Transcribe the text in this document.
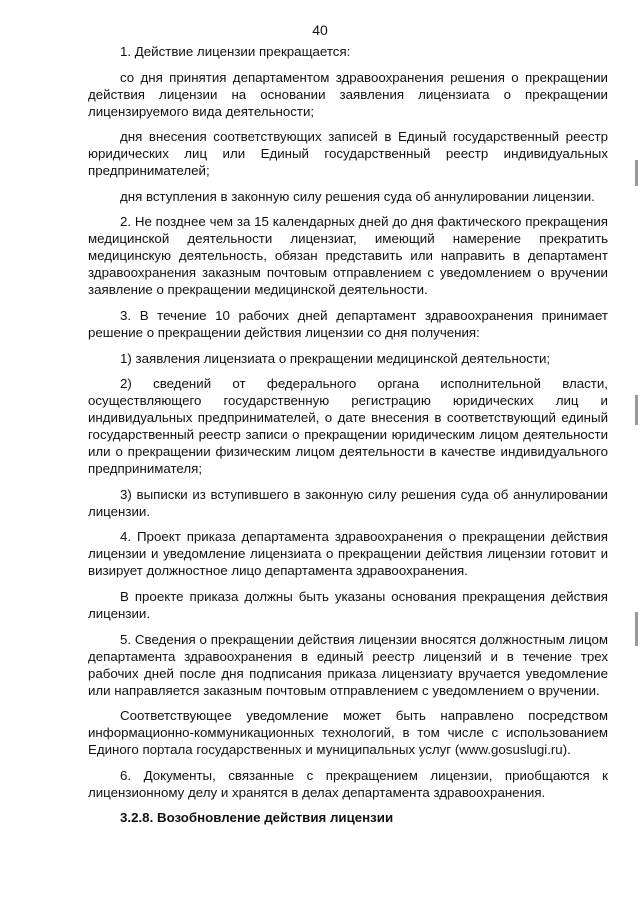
40

1. Действие лицензии прекращается:

со дня принятия департаментом здравоохранения решения о прекращении действия лицензии на основании заявления лицензиата о прекращении лицензируемого вида деятельности;

дня внесения соответствующих записей в Единый государственный реестр юридических лиц или Единый государственный реестр индивидуальных предпринимателей;

дня вступления в законную силу решения суда об аннулировании лицензии.

2. Не позднее чем за 15 календарных дней до дня фактического прекращения медицинской деятельности лицензиат, имеющий намерение прекратить медицинскую деятельность, обязан представить или направить в департамент здравоохранения заказным почтовым отправлением с уведомлением о вручении заявление о прекращении медицинской деятельности.

3. В течение 10 рабочих дней департамент здравоохранения принимает решение о прекращении действия лицензии со дня получения:

1) заявления лицензиата о прекращении медицинской деятельности;

2) сведений от федерального органа исполнительной власти, осуществляющего государственную регистрацию юридических лиц и индивидуальных предпринимателей, о дате внесения в соответствующий единый государственный реестр записи о прекращении юридическим лицом деятельности или о прекращении физическим лицом деятельности в качестве индивидуального предпринимателя;

3) выписки из вступившего в законную силу решения суда об аннулировании лицензии.

4. Проект приказа департамента здравоохранения о прекращении действия лицензии и уведомление лицензиата о прекращении действия лицензии готовит и визирует должностное лицо департамента здравоохранения.

В проекте приказа должны быть указаны основания прекращения действия лицензии.

5. Сведения о прекращении действия лицензии вносятся должностным лицом департамента здравоохранения в единый реестр лицензий и в течение трех рабочих дней после дня подписания приказа лицензиату вручается уведомление или направляется заказным почтовым отправлением с уведомлением о вручении.

Соответствующее уведомление может быть направлено посредством информационно-коммуникационных технологий, в том числе с использованием Единого портала государственных и муниципальных услуг (www.gosuslugi.ru).

6. Документы, связанные с прекращением лицензии, приобщаются к лицензионному делу и хранятся в делах департамента здравоохранения.

3.2.8. Возобновление действия лицензии
